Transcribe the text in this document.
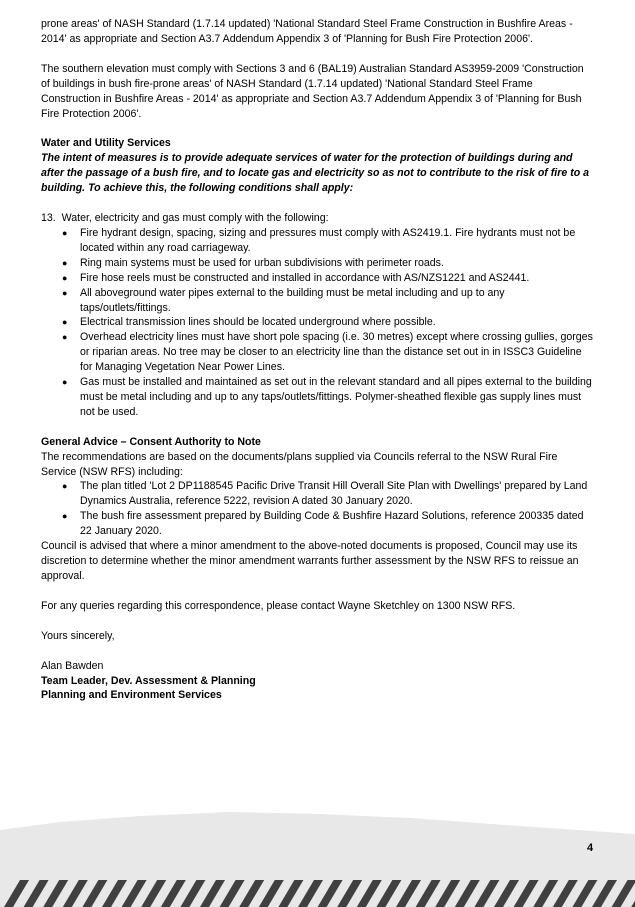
prone areas' of NASH Standard (1.7.14 updated) 'National Standard Steel Frame Construction in Bushfire Areas - 2014' as appropriate and Section A3.7 Addendum Appendix 3 of 'Planning for Bush Fire Protection 2006'.

The southern elevation must comply with Sections 3 and 6 (BAL19) Australian Standard AS3959-2009 'Construction of buildings in bush fire-prone areas' of NASH Standard (1.7.14 updated) 'National Standard Steel Frame Construction in Bushfire Areas - 2014' as appropriate and Section A3.7 Addendum Appendix 3 of 'Planning for Bush Fire Protection 2006'.

Water and Utility Services

The intent of measures is to provide adequate services of water for the protection of buildings during and after the passage of a bush fire, and to locate gas and electricity so as not to contribute to the risk of fire to a building. To achieve this, the following conditions shall apply:

13. Water, electricity and gas must comply with the following:

● Fire hydrant design, spacing, sizing and pressures must comply with AS2419.1. Fire hydrants must not be located within any road carriageway.
● Ring main systems must be used for urban subdivisions with perimeter roads.
● Fire hose reels must be constructed and installed in accordance with AS/NZS1221 and AS2441.
● All aboveground water pipes external to the building must be metal including and up to any taps/outlets/fittings.
● Electrical transmission lines should be located underground where possible.
● Overhead electricity lines must have short pole spacing (i.e. 30 metres) except where crossing gullies, gorges or riparian areas. No tree may be closer to an electricity line than the distance set out in in ISSC3 Guideline for Managing Vegetation Near Power Lines.
● Gas must be installed and maintained as set out in the relevant standard and all pipes external to the building must be metal including and up to any taps/outlets/fittings. Polymer-sheathed flexible gas supply lines must not be used.

General Advice – Consent Authority to Note

The recommendations are based on the documents/plans supplied via Councils referral to the NSW Rural Fire Service (NSW RFS) including:

● The plan titled 'Lot 2 DP1188545 Pacific Drive Transit Hill Overall Site Plan with Dwellings' prepared by Land Dynamics Australia, reference 5222, revision A dated 30 January 2020.
● The bush fire assessment prepared by Building Code & Bushfire Hazard Solutions, reference 200335 dated 22 January 2020.

Council is advised that where a minor amendment to the above-noted documents is proposed, Council may use its discretion to determine whether the minor amendment warrants further assessment by the NSW RFS to reissue an approval.

For any queries regarding this correspondence, please contact Wayne Sketchley on 1300 NSW RFS.

Yours sincerely,

Alan Bawden

Team Leader, Dev. Assessment & Planning

Planning and Environment Services

4
